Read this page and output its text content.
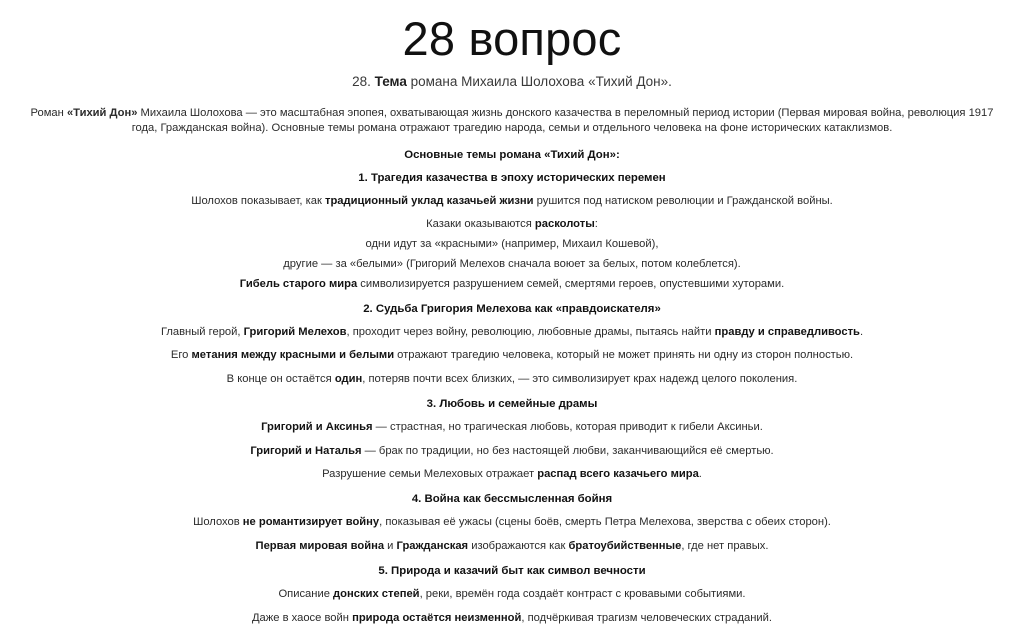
28 вопрос

28. Тема романа Михаила Шолохова «Тихий Дон».

Роман «Тихий Дон» Михаила Шолохова — это масштабная эпопея, охватывающая жизнь донского казачества в переломный период истории (Первая мировая война, революция 1917 года, Гражданская война). Основные темы романа отражают трагедию народа, семьи и отдельного человека на фоне исторических катаклизмов.

Основные темы романа «Тихий Дон»:

1. Трагедия казачества в эпоху исторических перемен

Шолохов показывает, как традиционный уклад казачьей жизни рушится под натиском революции и Гражданской войны.

Казаки оказываются расколоты:

одни идут за «красными» (например, Михаил Кошевой),

другие — за «белыми» (Григорий Мелехов сначала воюет за белых, потом колеблется).

Гибель старого мира символизируется разрушением семей, смертями героев, опустевшими хуторами.

2. Судьба Григория Мелехова как «правдоискателя»

Главный герой, Григорий Мелехов, проходит через войну, революцию, любовные драмы, пытаясь найти правду и справедливость.

Его метания между красными и белыми отражают трагедию человека, который не может принять ни одну из сторон полностью.

В конце он остаётся один, потеряв почти всех близких, — это символизирует крах надежд целого поколения.

3. Любовь и семейные драмы

Григорий и Аксинья — страстная, но трагическая любовь, которая приводит к гибели Аксиньи.

Григорий и Наталья — брак по традиции, но без настоящей любви, заканчивающийся её смертью.

Разрушение семьи Мелеховых отражает распад всего казачьего мира.

4. Война как бессмысленная бойня

Шолохов не романтизирует войну, показывая её ужасы (сцены боёв, смерть Петра Мелехова, зверства с обеих сторон).

Первая мировая война и Гражданская изображаются как братоубийственные, где нет правых.

5. Природа и казачий быт как символ вечности

Описание донских степей, реки, времён года создаёт контраст с кровавыми событиями.

Даже в хаосе войн природа остаётся неизменной, подчёркивая трагизм человеческих страданий.
